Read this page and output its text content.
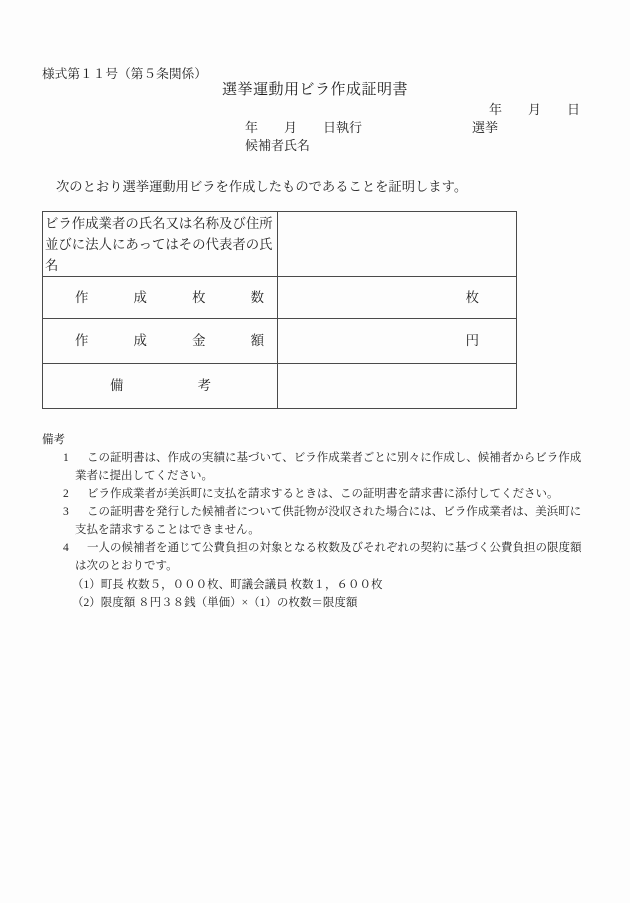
様式第１１号（第５条関係）
選挙運動用ビラ作成証明書
年　　月　　日
年　　月　　日執行	選挙
候補者氏名
次のとおり選挙運動用ビラを作成したものであることを証明します。
ビラ作成業者の氏名又は名称及び住所並びに法人にあってはその代表者の氏名
作　成　枚　数	枚
作　成　金　額	円
備　考
備考
1 この証明書は、作成の実績に基づいて、ビラ作成業者ごとに別々に作成し、候補者からビラ作成
業者に提出してください。
2 ビラ作成業者が美浜町に支払を請求するときは、この証明書を請求書に添付してください。
3 この証明書を発行した候補者について供託物が没収された場合には、ビラ作成業者は、美浜町に
支払を請求することはできません。
4 一人の候補者を通じて公費負担の対象となる枚数及びそれぞれの契約に基づく公費負担の限度額
は次のとおりです。
（1）町長 枚数５，０００枚、町議会議員 枚数１，６００枚
（2）限度額 ８円３８銭（単価）×（1）の枚数＝限度額
